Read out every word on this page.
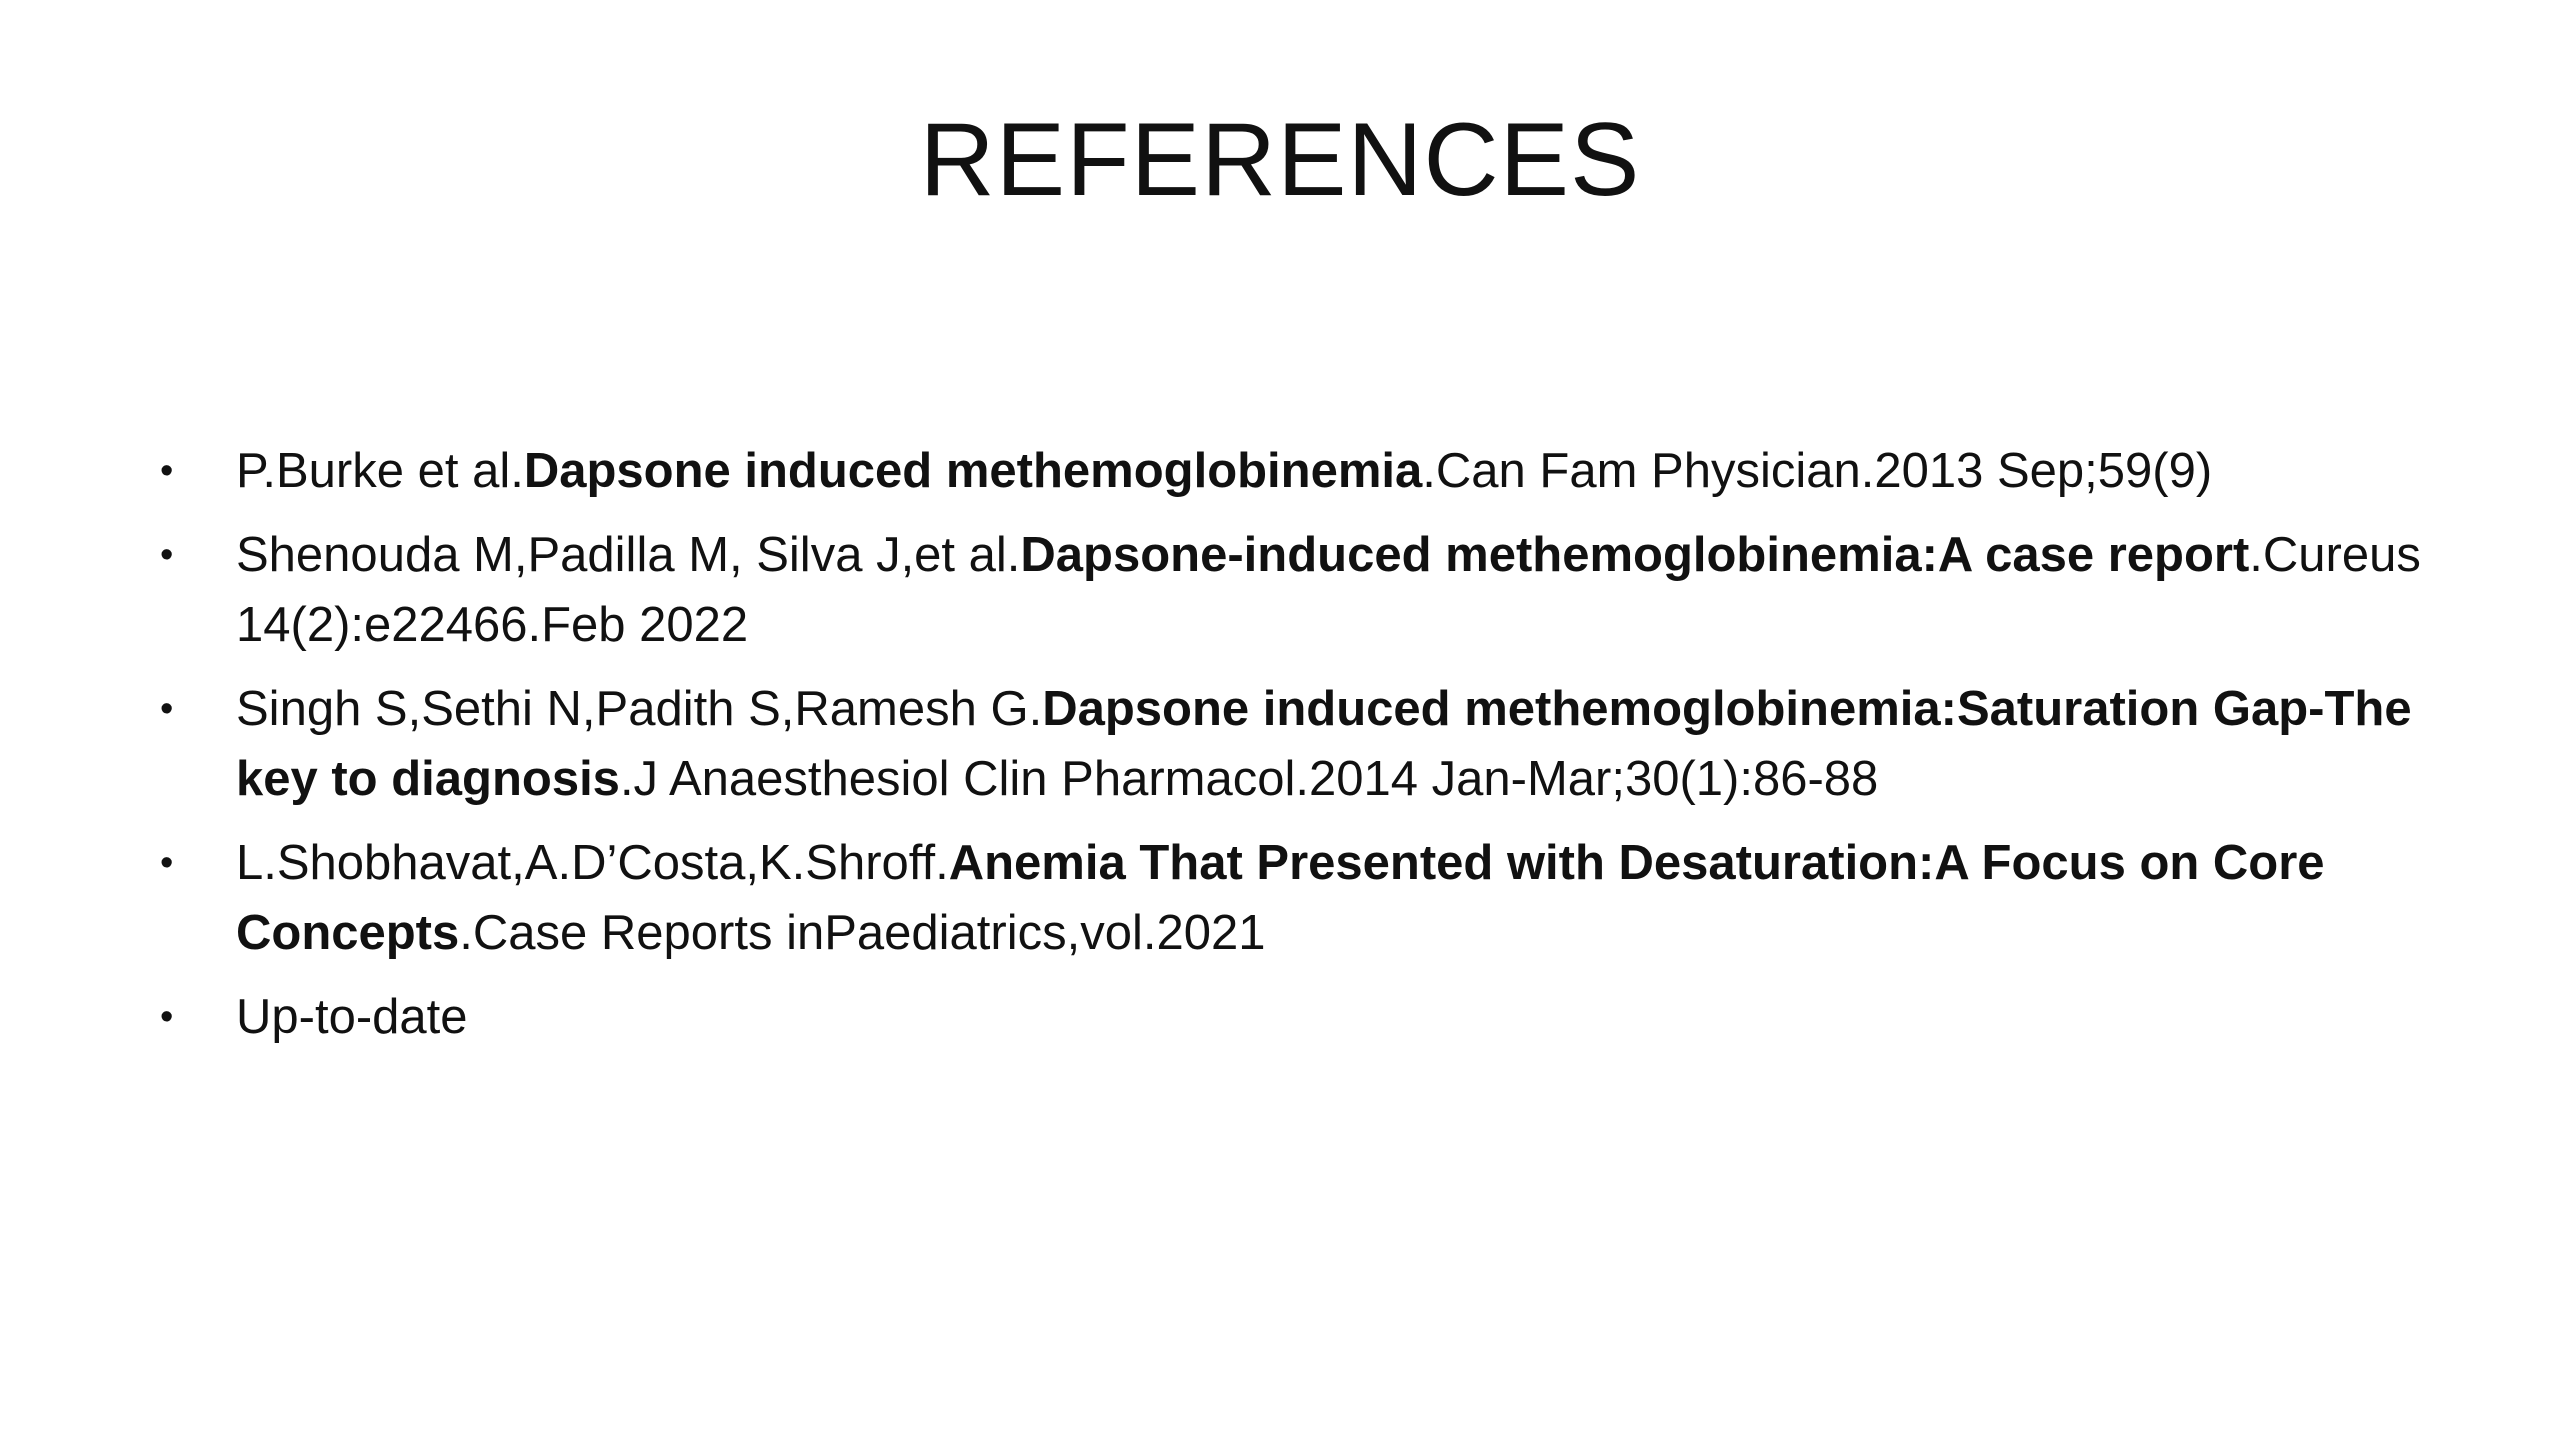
REFERENCES
• P.Burke et al.Dapsone induced methemoglobinemia.Can Fam Physician.2013 Sep;59(9)
• Shenouda M,Padilla M, Silva J,et al.Dapsone-induced methemoglobinemia:A case report.Cureus 14(2):e22466.Feb 2022
• Singh S,Sethi N,Padith S,Ramesh G.Dapsone induced methemoglobinemia:Saturation Gap-The key to diagnosis.J Anaesthesiol Clin Pharmacol.2014 Jan-Mar;30(1):86-88
• L.Shobhavat,A.D’Costa,K.Shroff.Anemia That Presented with Desaturation:A Focus on Core Concepts.Case Reports inPaediatrics,vol.2021
• Up-to-date
